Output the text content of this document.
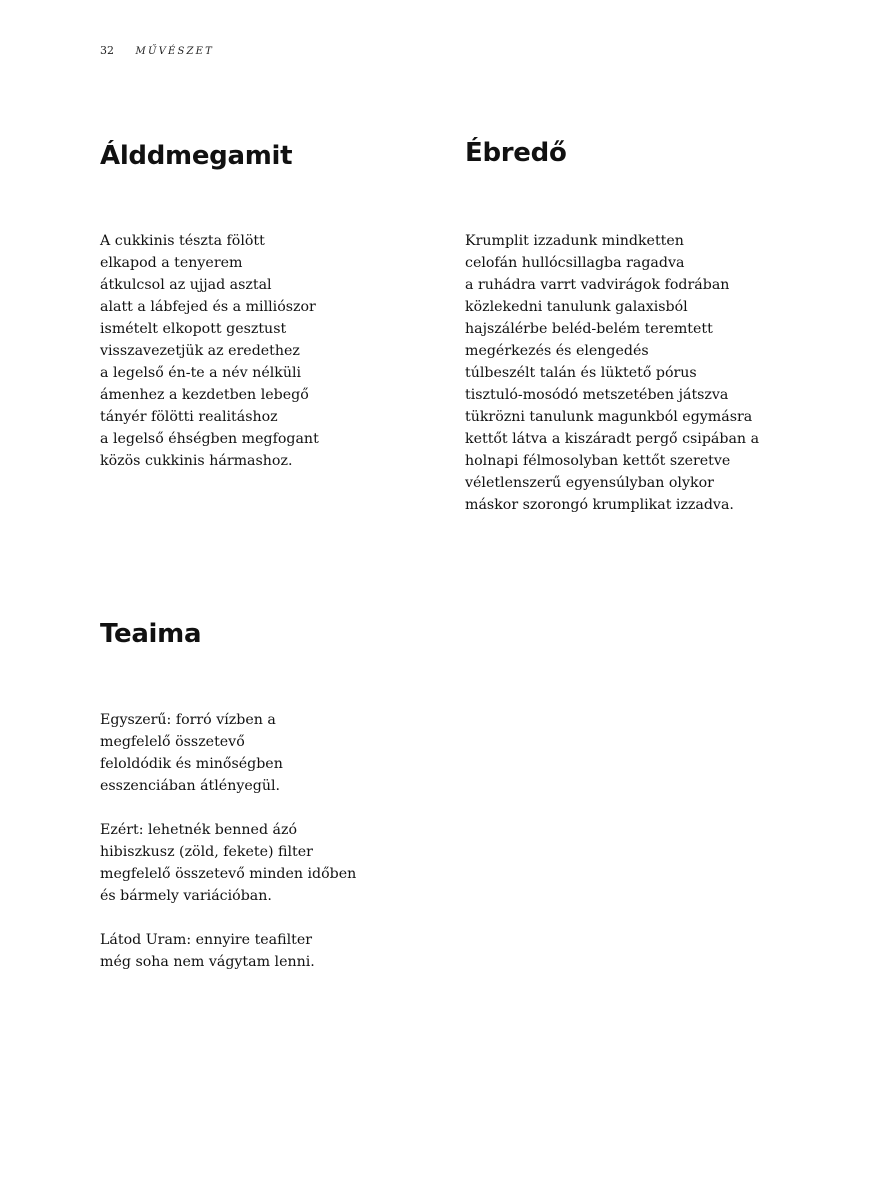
32 MŰVÉSZET
Álddmegamit

A cukkinis tészta fölött
elkapod a tenyerem
átkulcsol az ujjad asztal
alatt a lábfejed és a milliószor
ismételt elkopott gesztust
visszavezetjük az eredethez
a legelső én-te a név nélküli
ámenhez a kezdetben lebegő
tányér fölötti realitáshoz
a legelső éhségben megfogant
közös cukkinis hármashoz.

Ébredő

Krumplit izzadunk mindketten
celofán hullócsillagba ragadva
a ruhádra varrt vadvirágok fodrában
közlekedni tanulunk galaxisból
hajszálérbe beléd-belém teremtett
megérkezés és elengedés
túlbeszélt talán és lüktető pórus
tisztuló-mosódó metszetében játszva
tükrözni tanulunk magunkból egymásra
kettőt látva a kiszáradt pergő csipában a
holnapi félmosolyban kettőt szeretve
véletlenszerű egyensúlyban olykor
máskor szorongó krumplikat izzadva.

Teaima

Egyszerű: forró vízben a
megfelelő összetevő
feloldódik és minőségben
esszenciában átlényegül.

Ezért: lehetnék benned ázó
hibiszkusz (zöld, fekete) filter
megfelelő összetevő minden időben
és bármely variációban.

Látod Uram: ennyire teafilter
még soha nem vágytam lenni.
